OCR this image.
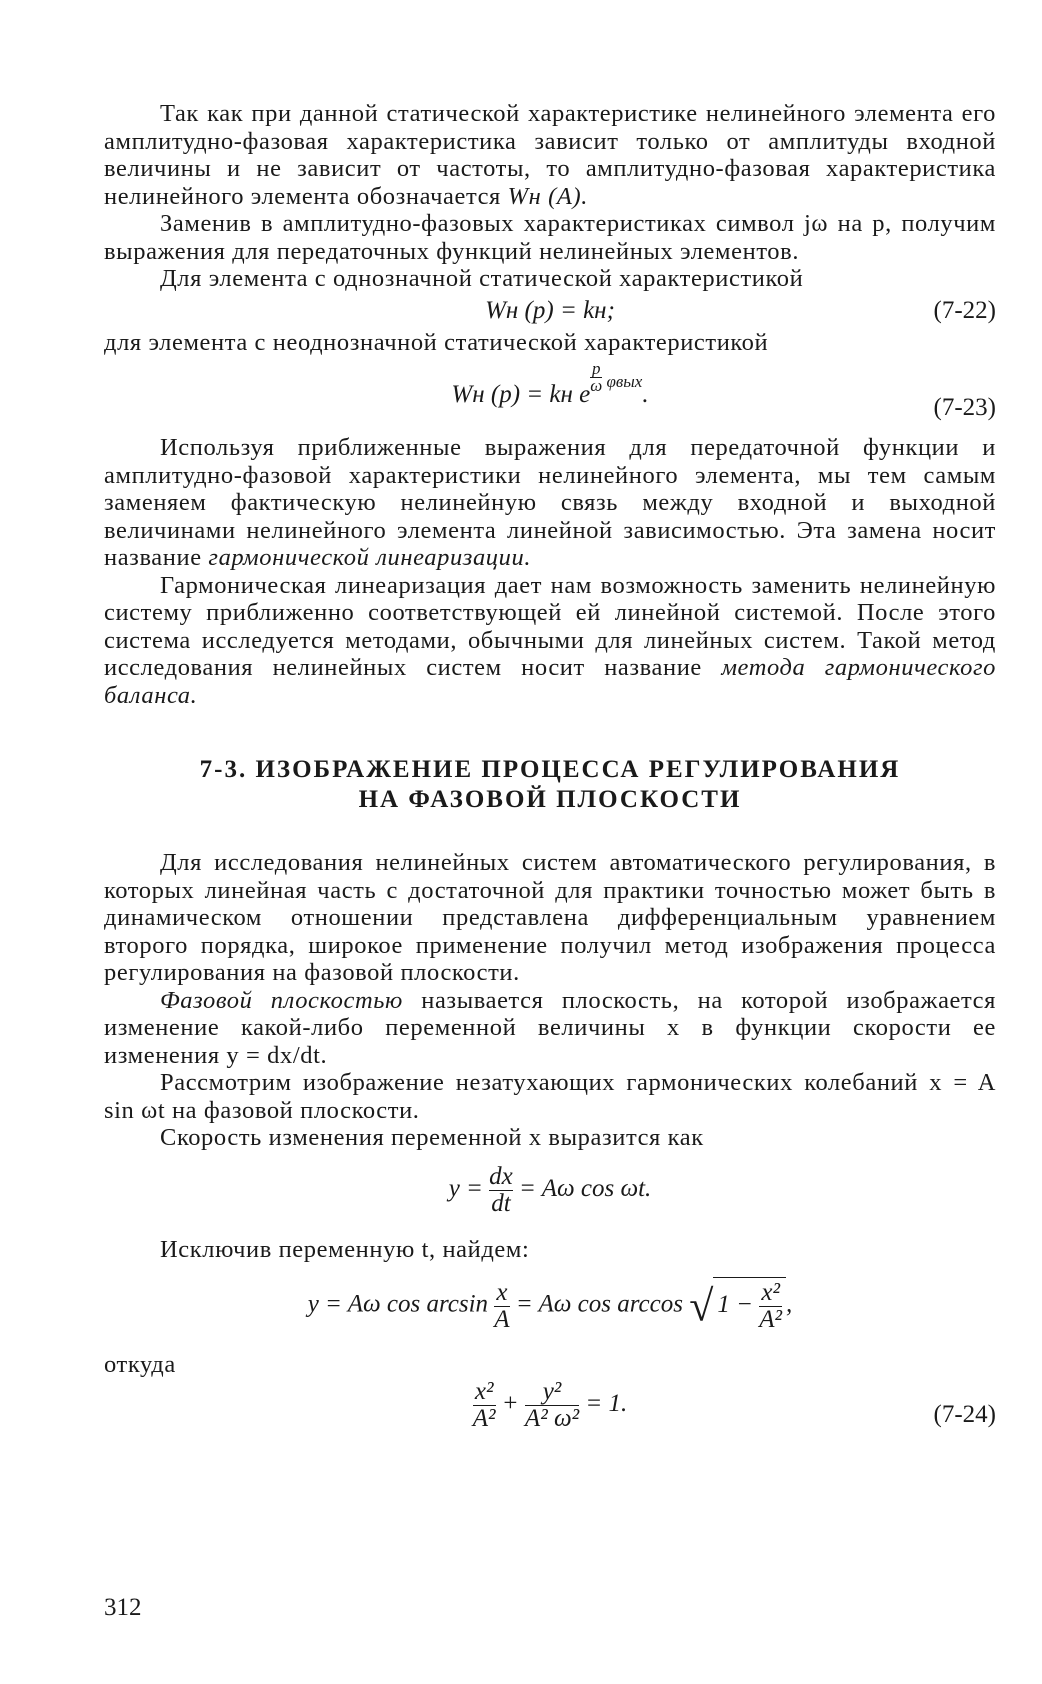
Так как при данной статической характеристике нелинейного элемента его амплитудно-фазовая характеристика зависит только от амплитуды входной величины и не зависит от частоты, то амплитудно-фазовая характеристика нелинейного элемента обозначается Wн (A).

Заменив в амплитудно-фазовых характеристиках символ jω на p, получим выражения для передаточных функций нелинейных элементов.

Для элемента с однозначной статической характеристикой

Wн (p) = kн;	(7-22)

для элемента с неоднозначной статической характеристикой

Wн (p) = kн e
$^{\frac{p}{\omega} \varphi вых}$.	(7-23)

Используя приближенные выражения для передаточной функции и амплитудно-фазовой характеристики нелинейного элемента, мы тем самым заменяем фактическую нелинейную связь между входной и выходной величинами нелинейного элемента линейной зависимостью. Эта замена носит название гармонической линеаризации.

Гармоническая линеаризация дает нам возможность заменить нелинейную систему приближенно соответствующей ей линейной системой. После этого система исследуется методами, обычными для линейных систем. Такой метод исследования нелинейных систем носит название метода гармонического баланса.

7-3. ИЗОБРАЖЕНИЕ ПРОЦЕССА РЕГУЛИРОВАНИЯ
НА ФАЗОВОЙ ПЛОСКОСТИ

Для исследования нелинейных систем автоматического регулирования, в которых линейная часть с достаточной для практики точностью может быть в динамическом отношении представлена дифференциальным уравнением второго порядка, широкое применение получил метод изображения процесса регулирования на фазовой плоскости.

Фазовой плоскостью называется плоскость, на которой изображается изменение какой-либо переменной величины x в функции скорости ее изменения y = dx/dt.

Рассмотрим изображение незатухающих гармонических колебаний x = A sin ωt на фазовой плоскости.

Скорость изменения переменной x выразится как

$y = \frac{dx}{dt} = A\omega$ cos ωt.

Исключив переменную t, найдем:

y = Aω $\cos \arcsin \frac{x}{A} = A\omega$ cos arccos √ $1 - \frac{\text{x²}}{\text{A²}}$ ,

откуда

$\frac{\text{x²}}{\text{A²}} + \frac{\text{y²}}{\text{A² ω²}} = 1$.	(7-24)
312
